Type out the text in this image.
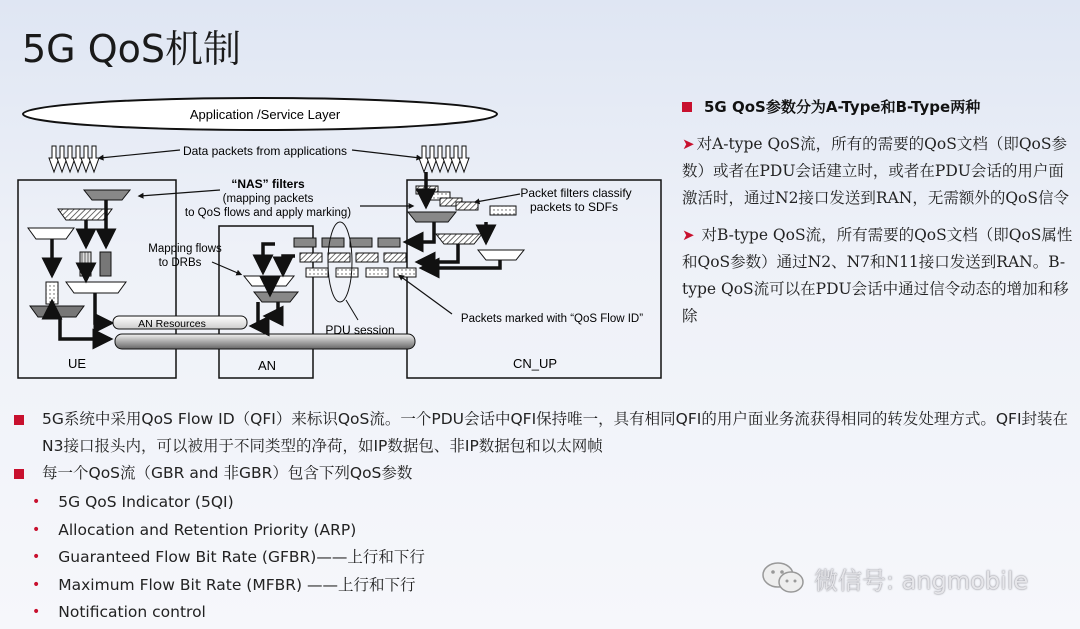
5G QoS机制
Application /Service Layer
Data packets from applications
UE	AN	CN_UP
“NAS” filters
(mapping packets
to QoS flows and apply marking)
Mapping flows
to DRBs
AN Resources	PDU session
Packet filters classify
packets to SDFs
Packets marked with “QoS Flow ID”
5G QoS参数分为A-Type和B-Type两种

➤ 对A-type QoS流，所有的需要的QoS文档（即QoS参数）或者在PDU会话建立时，或者在PDU会话的用户面激活时，通过N2接口发送到RAN，无需额外的QoS信令

➤ 对B-type QoS流，所有需要的QoS文档（即QoS属性和QoS参数）通过N2、N7和N11接口发送到RAN。B-type QoS流可以在PDU会话中通过信令动态的增加和移除

5G系统中采用QoS Flow ID（QFI）来标识QoS流。一个PDU会话中QFI保持唯一，具有相同QFI的用户面业务流获得相同的转发处理方式。QFI封装在N3接口报头内，可以被用于不同类型的净荷，如IP数据包、非IP数据包和以太网帧
每一个QoS流（GBR and 非GBR）包含下列QoS参数
• 5G QoS Indicator (5QI)
• Allocation and Retention Priority (ARP)
• Guaranteed Flow Bit Rate (GFBR)——上行和下行
• Maximum Flow Bit Rate (MFBR) ——上行和下行
• Notification control
微信号: angmobile
